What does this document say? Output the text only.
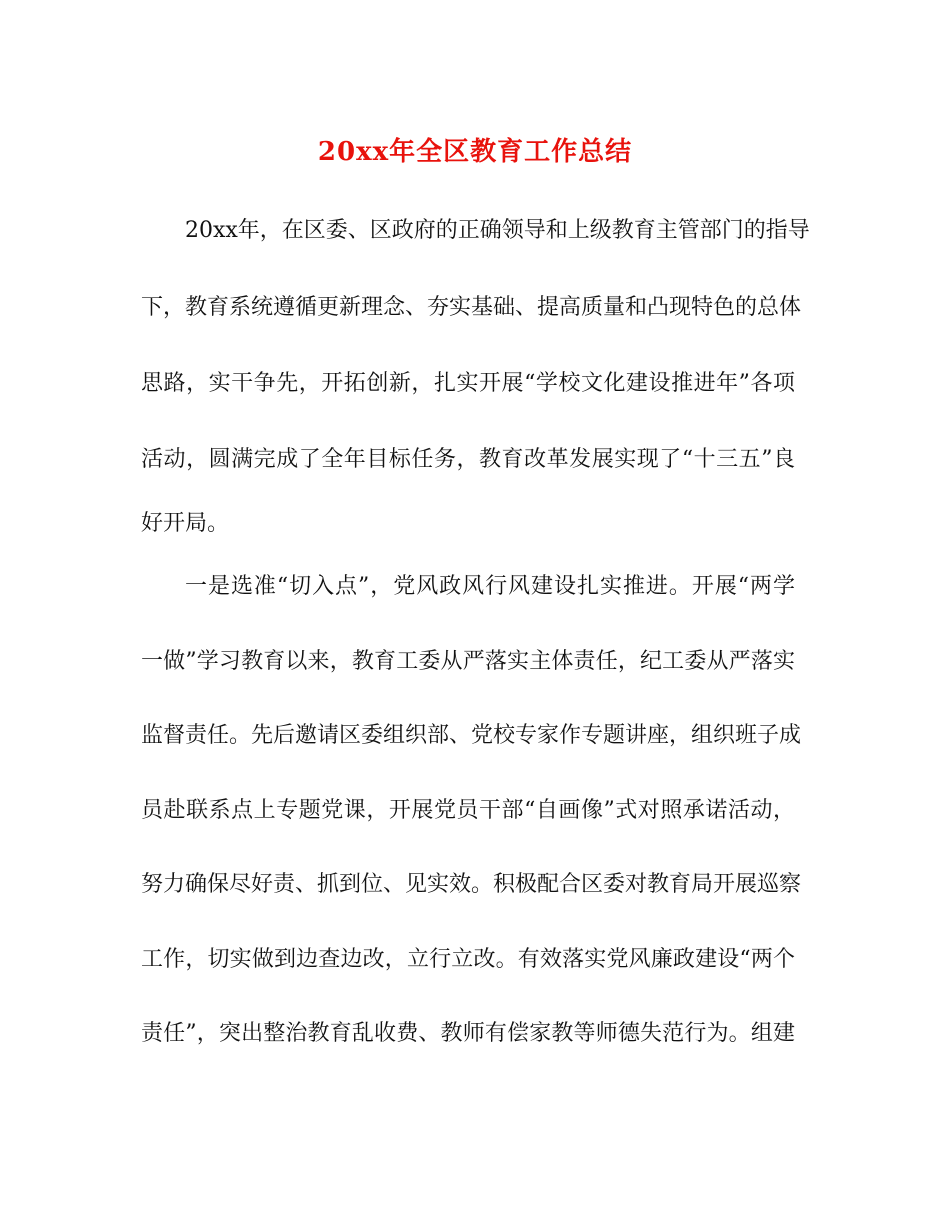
20xx年全区教育工作总结
20xx年，在区委、区政府的正确领导和上级教育主管部门的指导
下，教育系统遵循更新理念、夯实基础、提高质量和凸现特色的总体
思路，实干争先，开拓创新，扎实开展“学校文化建设推进年”各项
活动，圆满完成了全年目标任务，教育改革发展实现了“十三五”良
好开局。
一是选准“切入点”，党风政风行风建设扎实推进。开展“两学
一做”学习教育以来，教育工委从严落实主体责任，纪工委从严落实
监督责任。先后邀请区委组织部、党校专家作专题讲座，组织班子成
员赴联系点上专题党课，开展党员干部“自画像”式对照承诺活动，
努力确保尽好责、抓到位、见实效。积极配合区委对教育局开展巡察
工作，切实做到边查边改，立行立改。有效落实党风廉政建设“两个
责任”，突出整治教育乱收费、教师有偿家教等师德失范行为。组建
